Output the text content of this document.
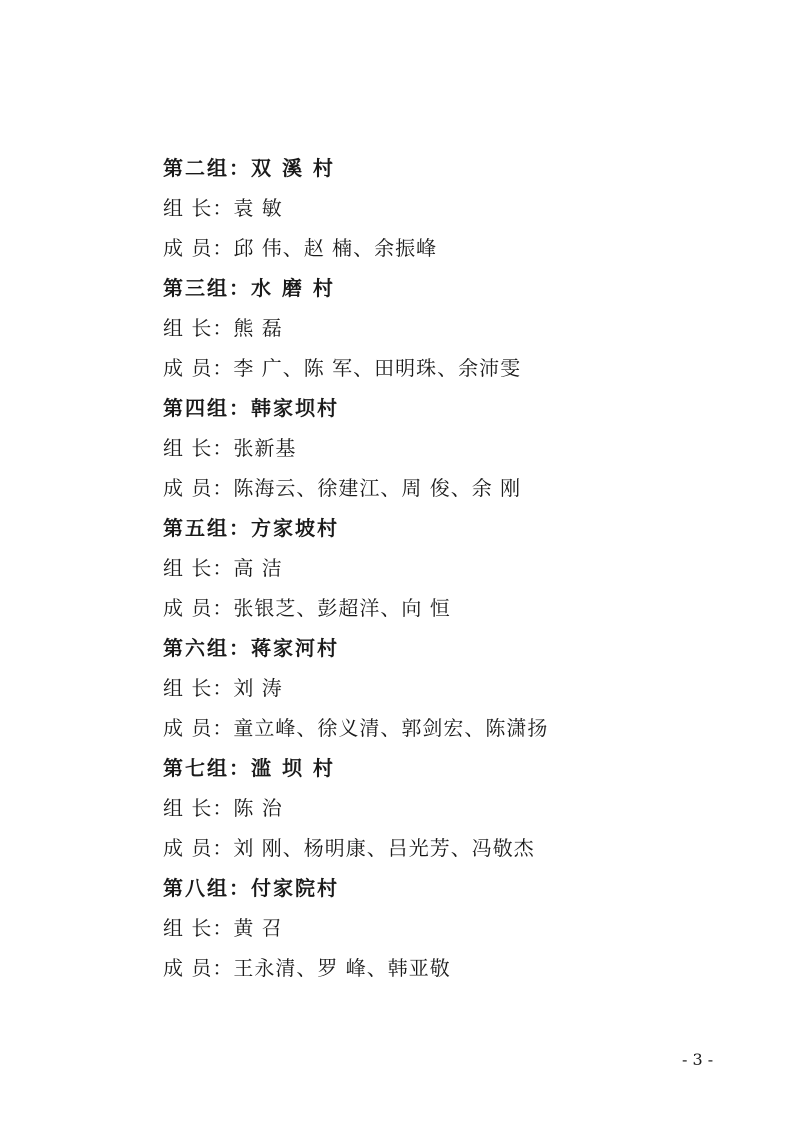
第二组：双 溪 村
组 长：袁 敏
成 员：邱 伟、赵 楠、余振峰
第三组：水 磨 村
组 长：熊 磊
成 员：李 广、陈 军、田明珠、余沛雯
第四组：韩家坝村
组 长：张新基
成 员：陈海云、徐建江、周 俊、余 刚
第五组：方家坡村
组 长：高 洁
成 员：张银芝、彭超洋、向 恒
第六组：蒋家河村
组 长：刘 涛
成 员：童立峰、徐义清、郭剑宏、陈潇扬
第七组：滥 坝 村
组 长：陈 治
成 员：刘 刚、杨明康、吕光芳、冯敬杰
第八组：付家院村
组 长：黄 召
成 员：王永清、罗 峰、韩亚敬
- 3 -
